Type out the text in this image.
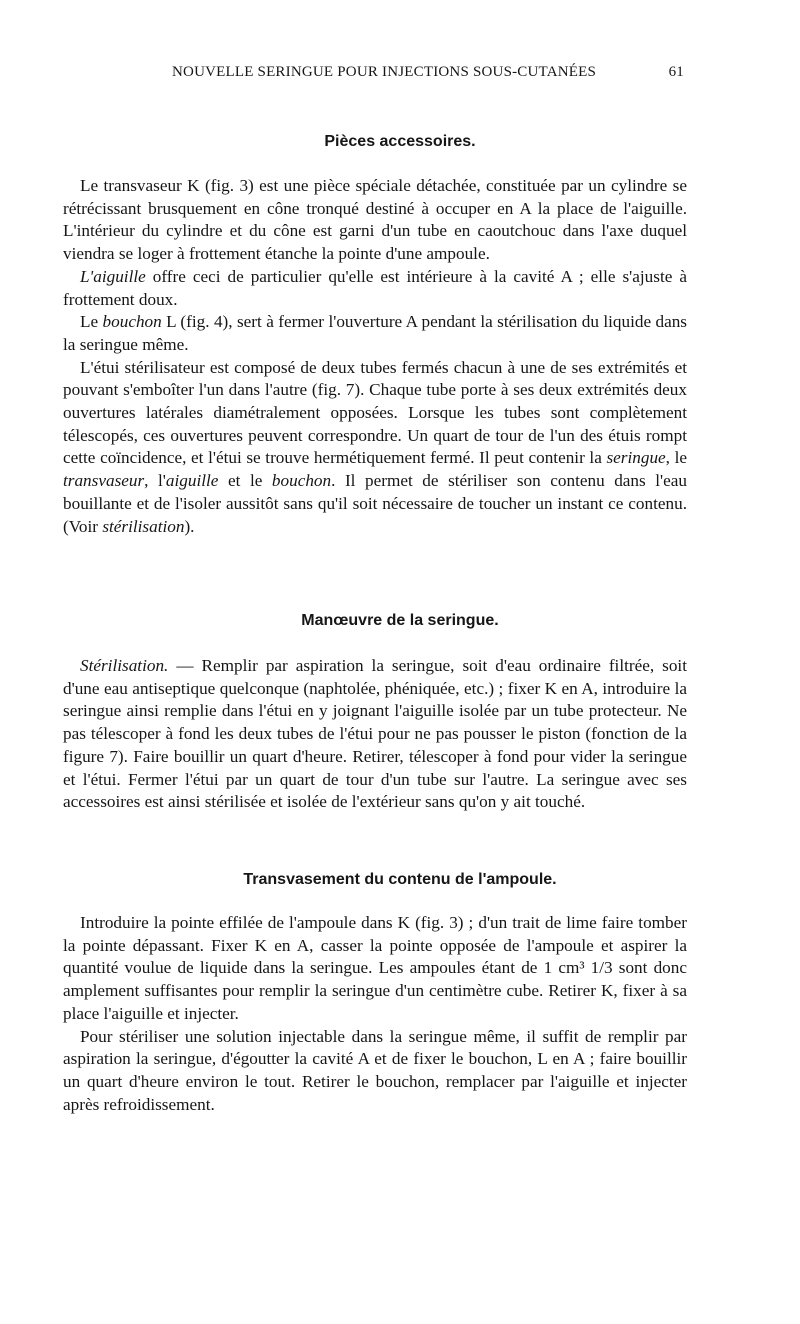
NOUVELLE SERINGUE POUR INJECTIONS SOUS-CUTANÉES	61
Pièces accessoires.

Le transvaseur K (fig. 3) est une pièce spéciale détachée, constituée par un cylindre se rétrécissant brusquement en cône tronqué destiné à occuper en A la place de l'aiguille. L'intérieur du cylindre et du cône est garni d'un tube en caoutchouc dans l'axe duquel viendra se loger à frottement étanche la pointe d'une ampoule.

L'aiguille offre ceci de particulier qu'elle est intérieure à la cavité A ; elle s'ajuste à frottement doux.

Le bouchon L (fig. 4), sert à fermer l'ouverture A pendant la stérilisation du liquide dans la seringue même.

L'étui stérilisateur est composé de deux tubes fermés chacun à une de ses extrémités et pouvant s'emboîter l'un dans l'autre (fig. 7). Chaque tube porte à ses deux extrémités deux ouvertures latérales diamétralement opposées. Lorsque les tubes sont complètement télescopés, ces ouvertures peuvent correspondre. Un quart de tour de l'un des étuis rompt cette coïncidence, et l'étui se trouve hermétiquement fermé. Il peut contenir la seringue, le transvaseur, l'aiguille et le bouchon. Il permet de stériliser son contenu dans l'eau bouillante et de l'isoler aussitôt sans qu'il soit nécessaire de toucher un instant ce contenu. (Voir stérilisation).

Manœuvre de la seringue.

Stérilisation. — Remplir par aspiration la seringue, soit d'eau ordinaire filtrée, soit d'une eau antiseptique quelconque (naphtolée, phéniquée, etc.) ; fixer K en A, introduire la seringue ainsi remplie dans l'étui en y joignant l'aiguille isolée par un tube protecteur. Ne pas télescoper à fond les deux tubes de l'étui pour ne pas pousser le piston (fonction de la figure 7). Faire bouillir un quart d'heure. Retirer, télescoper à fond pour vider la seringue et l'étui. Fermer l'étui par un quart de tour d'un tube sur l'autre. La seringue avec ses accessoires est ainsi stérilisée et isolée de l'extérieur sans qu'on y ait touché.

Transvasement du contenu de l'ampoule.

Introduire la pointe effilée de l'ampoule dans K (fig. 3) ; d'un trait de lime faire tomber la pointe dépassant. Fixer K en A, casser la pointe opposée de l'ampoule et aspirer la quantité voulue de liquide dans la seringue. Les ampoules étant de 1 cm³ 1/3 sont donc amplement suffisantes pour remplir la seringue d'un centimètre cube. Retirer K, fixer à sa place l'aiguille et injecter.

Pour stériliser une solution injectable dans la seringue même, il suffit de remplir par aspiration la seringue, d'égoutter la cavité A et de fixer le bouchon, L en A ; faire bouillir un quart d'heure environ le tout. Retirer le bouchon, remplacer par l'aiguille et injecter après refroidissement.
